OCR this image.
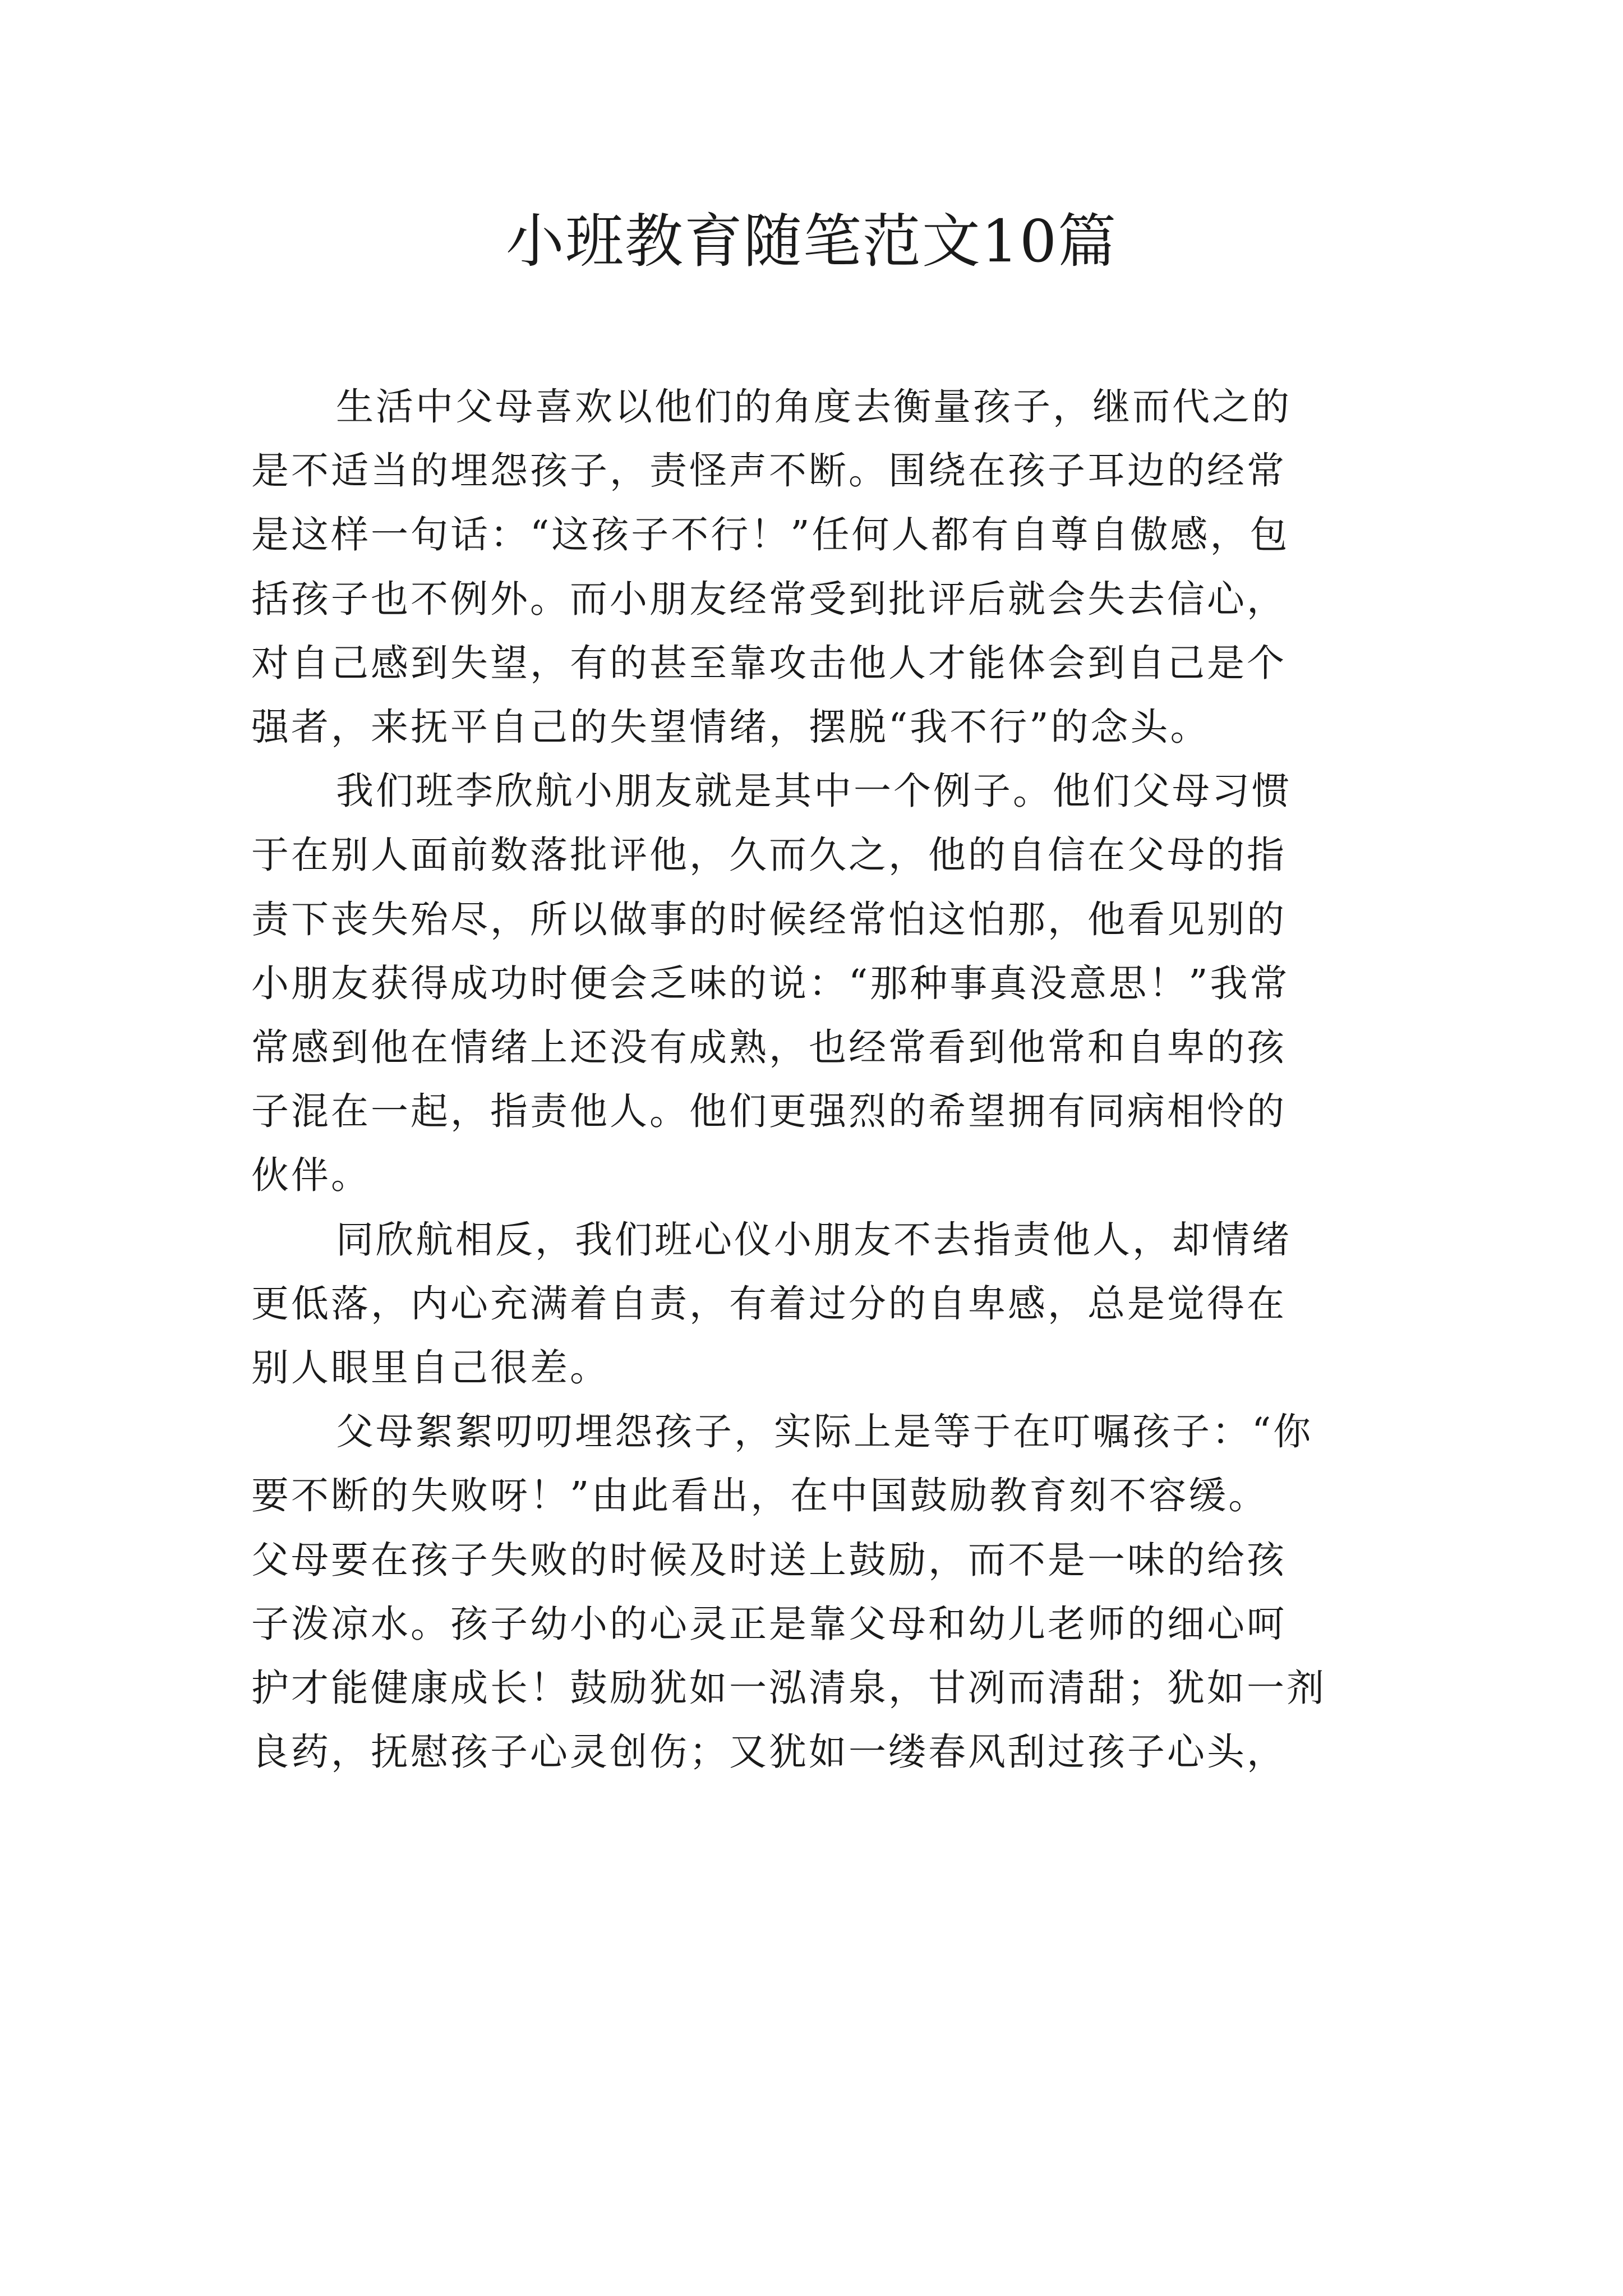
小班教育随笔范文10篇

生活中父母喜欢以他们的角度去衡量孩子，继而代之的
是不适当的埋怨孩子，责怪声不断。围绕在孩子耳边的经常
是这样一句话：“这孩子不行！”任何人都有自尊自傲感，包
括孩子也不例外。而小朋友经常受到批评后就会失去信心，
对自己感到失望，有的甚至靠攻击他人才能体会到自己是个
强者，来抚平自己的失望情绪，摆脱“我不行”的念头。

我们班李欣航小朋友就是其中一个例子。他们父母习惯
于在别人面前数落批评他，久而久之，他的自信在父母的指
责下丧失殆尽，所以做事的时候经常怕这怕那，他看见别的
小朋友获得成功时便会乏味的说：“那种事真没意思！”我常
常感到他在情绪上还没有成熟，也经常看到他常和自卑的孩
子混在一起，指责他人。他们更强烈的希望拥有同病相怜的
伙伴。

同欣航相反，我们班心仪小朋友不去指责他人，却情绪
更低落，内心充满着自责，有着过分的自卑感，总是觉得在
别人眼里自己很差。

父母絮絮叨叨埋怨孩子，实际上是等于在叮嘱孩子：“你
要不断的失败呀！”由此看出，在中国鼓励教育刻不容缓。
父母要在孩子失败的时候及时送上鼓励，而不是一味的给孩
子泼凉水。孩子幼小的心灵正是靠父母和幼儿老师的细心呵
护才能健康成长！鼓励犹如一泓清泉，甘冽而清甜；犹如一剂
良药，抚慰孩子心灵创伤；又犹如一缕春风刮过孩子心头，
